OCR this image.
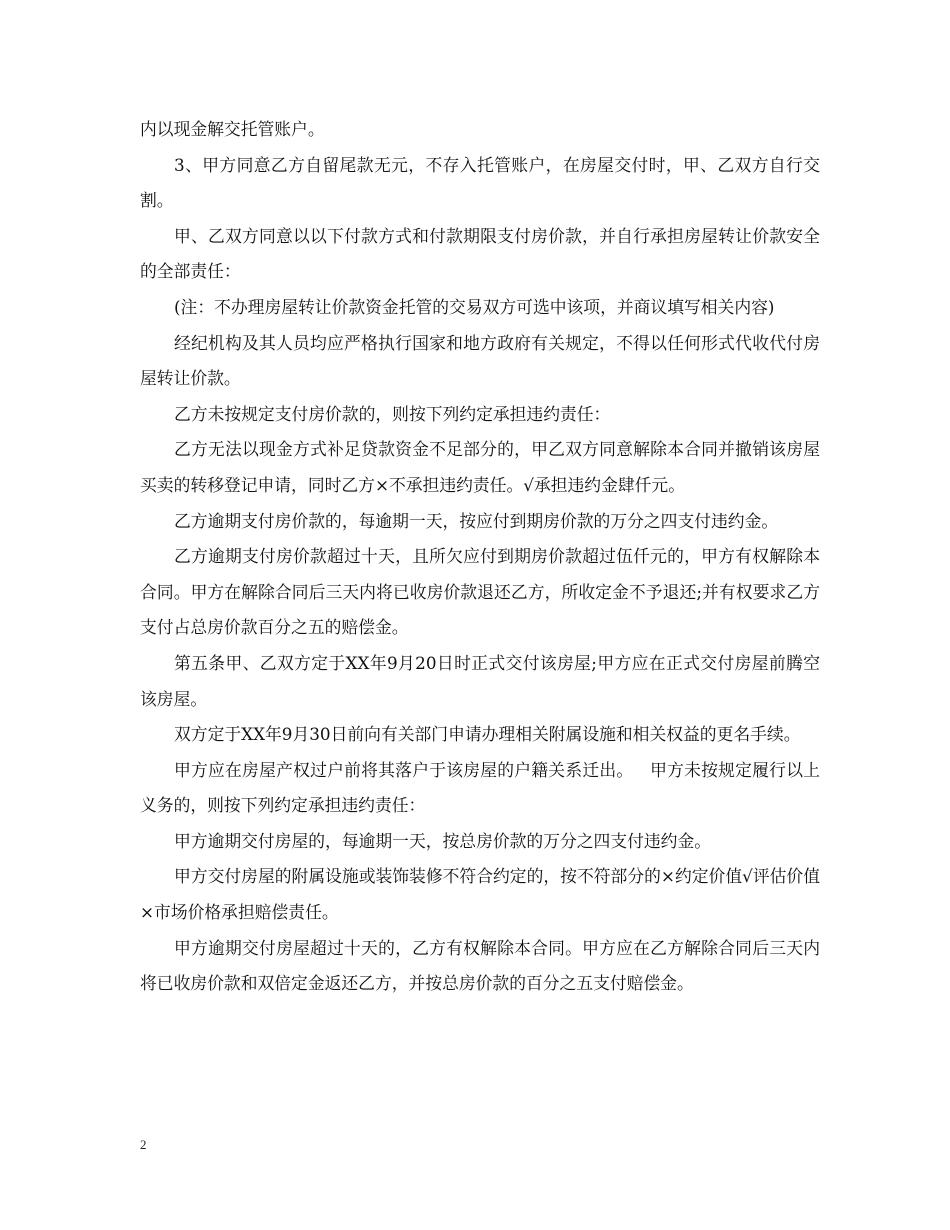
内以现金解交托管账户。

3、甲方同意乙方自留尾款无元，不存入托管账户，在房屋交付时，甲、乙双方自行交割。

甲、乙双方同意以以下付款方式和付款期限支付房价款，并自行承担房屋转让价款安全的全部责任：

(注：不办理房屋转让价款资金托管的交易双方可选中该项，并商议填写相关内容)

经纪机构及其人员均应严格执行国家和地方政府有关规定，不得以任何形式代收代付房屋转让价款。

乙方未按规定支付房价款的，则按下列约定承担违约责任：

乙方无法以现金方式补足贷款资金不足部分的，甲乙双方同意解除本合同并撤销该房屋买卖的转移登记申请，同时乙方×不承担违约责任。√承担违约金肆仟元。

乙方逾期支付房价款的，每逾期一天，按应付到期房价款的万分之四支付违约金。

乙方逾期支付房价款超过十天，且所欠应付到期房价款超过伍仟元的，甲方有权解除本合同。甲方在解除合同后三天内将已收房价款退还乙方，所收定金不予退还;并有权要求乙方支付占总房价款百分之五的赔偿金。

第五条甲、乙双方定于XX年9月20日时正式交付该房屋;甲方应在正式交付房屋前腾空该房屋。

双方定于XX年9月30日前向有关部门申请办理相关附属设施和相关权益的更名手续。

甲方应在房屋产权过户前将其落户于该房屋的户籍关系迁出。   甲方未按规定履行以上义务的，则按下列约定承担违约责任：

甲方逾期交付房屋的，每逾期一天，按总房价款的万分之四支付违约金。

甲方交付房屋的附属设施或装饰装修不符合约定的，按不符部分的×约定价值√评估价值×市场价格承担赔偿责任。

甲方逾期交付房屋超过十天的，乙方有权解除本合同。甲方应在乙方解除合同后三天内将已收房价款和双倍定金返还乙方，并按总房价款的百分之五支付赔偿金。

2
